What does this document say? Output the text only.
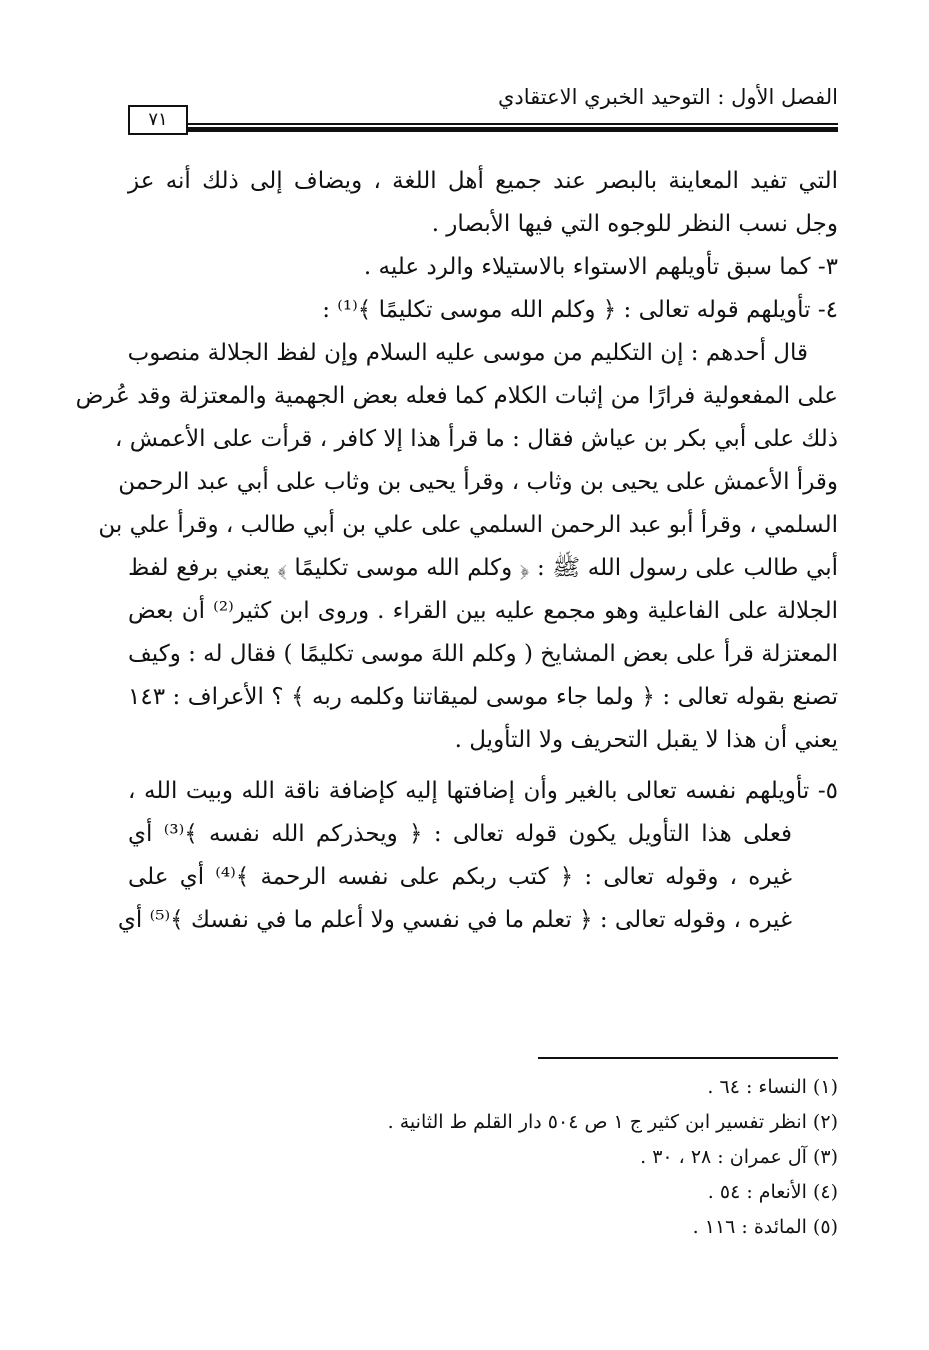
الفصل الأول : التوحيد الخبري الاعتقادي
٧١
التي تفيد المعاينة بالبصر عند جميع أهل اللغة ، ويضاف إلى ذلك أنه عز
وجل نسب النظر للوجوه التي فيها الأبصار .
٣- كما سبق تأويلهم الاستواء بالاستيلاء والرد عليه .
٤- تأويلهم قوله تعالى : ﴿ وكلم الله موسى تكليمًا ﴾⁽¹⁾ :
قال أحدهم : إن التكليم من موسى عليه السلام وإن لفظ الجلالة منصوب
على المفعولية فرارًا من إثبات الكلام كما فعله بعض الجهمية والمعتزلة وقد عُرض
ذلك على أبي بكر بن عياش فقال : ما قرأ هذا إلا كافر ، قرأت على الأعمش ،
وقرأ الأعمش على يحيى بن وثاب ، وقرأ يحيى بن وثاب على أبي عبد الرحمن
السلمي ، وقرأ أبو عبد الرحمن السلمي على علي بن أبي طالب ، وقرأ علي بن
أبي طالب على رسول الله ﷺ : ﴿ وكلم الله موسى تكليمًا ﴾ يعني برفع لفظ
الجلالة على الفاعلية وهو مجمع عليه بين القراء . وروى ابن كثير⁽²⁾ أن بعض
المعتزلة قرأ على بعض المشايخ ( وكلم اللهَ موسى تكليمًا ) فقال له : وكيف
تصنع بقوله تعالى : ﴿ ولما جاء موسى لميقاتنا وكلمه ربه ﴾ ؟ الأعراف : ١٤٣
يعني أن هذا لا يقبل التحريف ولا التأويل .
٥- تأويلهم نفسه تعالى بالغير وأن إضافتها إليه كإضافة ناقة الله وبيت الله ،
فعلى هذا التأويل يكون قوله تعالى : ﴿ ويحذركم الله نفسه ﴾⁽³⁾ أي
غيره ، وقوله تعالى : ﴿ كتب ربكم على نفسه الرحمة ﴾⁽⁴⁾ أي على
غيره ، وقوله تعالى : ﴿ تعلم ما في نفسي ولا أعلم ما في نفسك ﴾⁽⁵⁾ أي
(١) النساء : ٦٤ .
(٢) انظر تفسير ابن كثير ج ١ ص ٥٠٤ دار القلم ط الثانية .
(٣) آل عمران : ٢٨ ، ٣٠ .
(٤) الأنعام : ٥٤ .
(٥) المائدة : ١١٦ .
